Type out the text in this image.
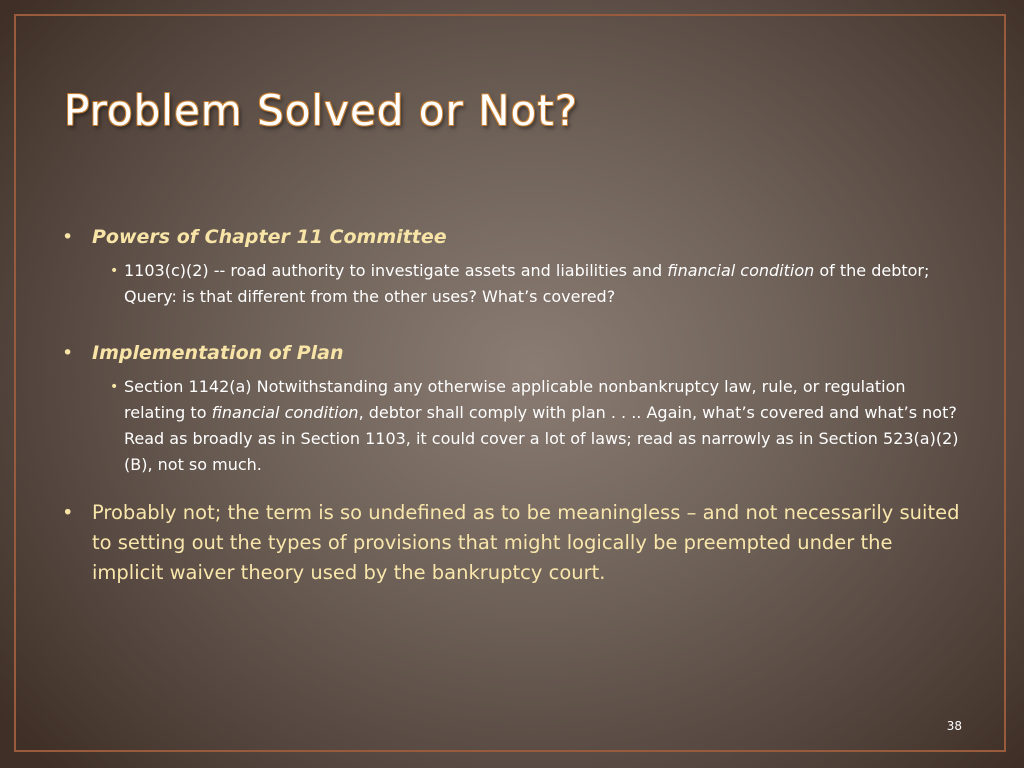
Problem Solved or Not?
• Powers of Chapter 11 Committee
• 1103(c)(2) -- road authority to investigate assets and liabilities and financial condition of the debtor; Query: is that different from the other uses? What’s covered?
• Implementation of Plan
• Section 1142(a) Notwithstanding any otherwise applicable nonbankruptcy law, rule, or regulation relating to financial condition, debtor shall comply with plan . . .. Again, what’s covered and what’s not? Read as broadly as in Section 1103, it could cover a lot of laws; read as narrowly as in Section 523(a)(2)(B), not so much.
• Probably not; the term is so undefined as to be meaningless – and not necessarily suited to setting out the types of provisions that might logically be preempted under the implicit waiver theory used by the bankruptcy court.
38
